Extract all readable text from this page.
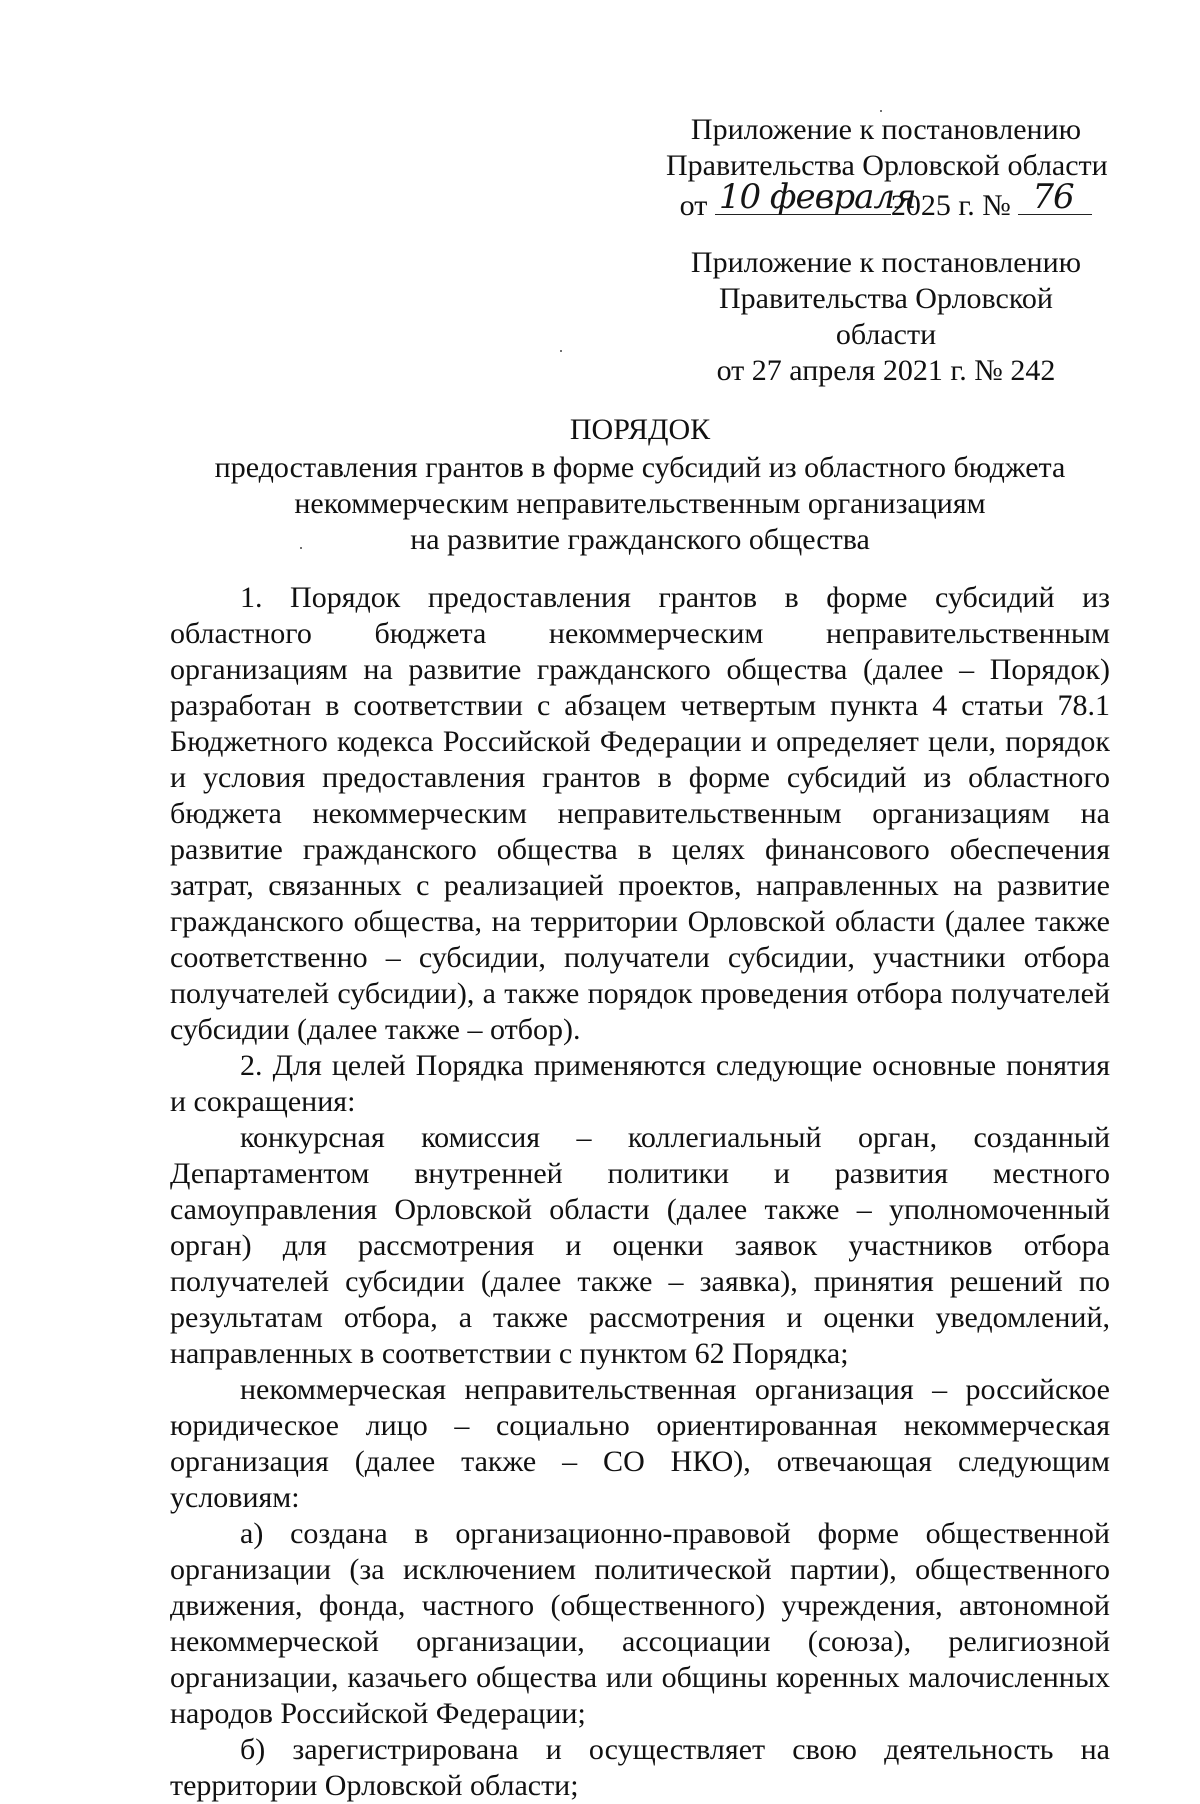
Приложение к постановлению
Правительства Орловской области
от 10 февраля
2025 г. № 76
Приложение к постановлению
Правительства Орловской области
от 27 апреля 2021 г. № 242
ПОРЯДОК
предоставления грантов в форме субсидий из областного бюджета
некоммерческим неправительственным организациям
на развитие гражданского общества

1. Порядок предоставления грантов в форме субсидий из областного бюджета некоммерческим неправительственным организациям на развитие гражданского общества (далее – Порядок) разработан в соответствии с абзацем четвертым пункта 4 статьи 78.1 Бюджетного кодекса Российской Федерации и определяет цели, порядок и условия предоставления грантов в форме субсидий из областного бюджета некоммерческим неправительственным организациям на развитие гражданского общества в целях финансового обеспечения затрат, связанных с реализацией проектов, направленных на развитие гражданского общества, на территории Орловской области (далее также соответственно – субсидии, получатели субсидии, участники отбора получателей субсидии), а также порядок проведения отбора получателей субсидии (далее также – отбор).

2. Для целей Порядка применяются следующие основные понятия и сокращения:

конкурсная комиссия – коллегиальный орган, созданный Департаментом внутренней политики и развития местного самоуправления Орловской области (далее также – уполномоченный орган) для рассмотрения и оценки заявок участников отбора получателей субсидии (далее также – заявка), принятия решений по результатам отбора, а также рассмотрения и оценки уведомлений, направленных в соответствии с пунктом 62 Порядка;

некоммерческая неправительственная организация – российское юридическое лицо – социально ориентированная некоммерческая организация (далее также – СО НКО), отвечающая следующим условиям:

а) создана в организационно-правовой форме общественной организации (за исключением политической партии), общественного движения, фонда, частного (общественного) учреждения, автономной некоммерческой организации, ассоциации (союза), религиозной организации, казачьего общества или общины коренных малочисленных народов Российской Федерации;

б) зарегистрирована и осуществляет свою деятельность на территории Орловской области;
